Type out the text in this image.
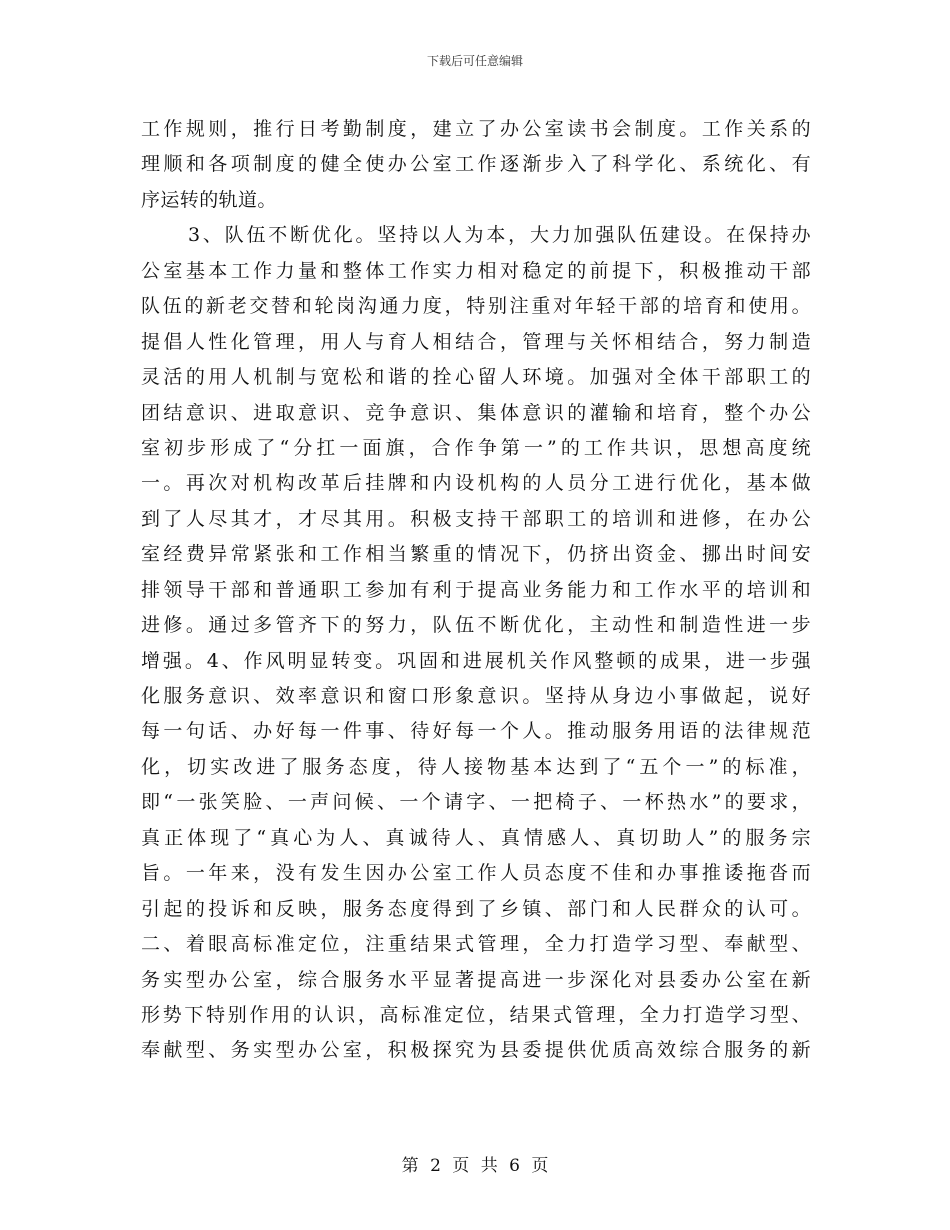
下载后可任意编辑
工作规则，推行日考勤制度，建立了办公室读书会制度。工作关系的
理顺和各项制度的健全使办公室工作逐渐步入了科学化、系统化、有
序运转的轨道。
3、队伍不断优化。坚持以人为本，大力加强队伍建设。在保持办
公室基本工作力量和整体工作实力相对稳定的前提下，积极推动干部
队伍的新老交替和轮岗沟通力度，特别注重对年轻干部的培育和使用。
提倡人性化管理，用人与育人相结合，管理与关怀相结合，努力制造
灵活的用人机制与宽松和谐的拴心留人环境。加强对全体干部职工的
团结意识、进取意识、竞争意识、集体意识的灌输和培育，整个办公
室初步形成了“分扛一面旗，合作争第一”的工作共识，思想高度统
一。再次对机构改革后挂牌和内设机构的人员分工进行优化，基本做
到了人尽其才，才尽其用。积极支持干部职工的培训和进修，在办公
室经费异常紧张和工作相当繁重的情况下，仍挤出资金、挪出时间安
排领导干部和普通职工参加有利于提高业务能力和工作水平的培训和
进修。通过多管齐下的努力，队伍不断优化，主动性和制造性进一步
增强。4、作风明显转变。巩固和进展机关作风整顿的成果，进一步强
化服务意识、效率意识和窗口形象意识。坚持从身边小事做起，说好
每一句话、办好每一件事、待好每一个人。推动服务用语的法律规范
化，切实改进了服务态度，待人接物基本达到了“五个一”的标准，
即“一张笑脸、一声问候、一个请字、一把椅子、一杯热水”的要求，
真正体现了“真心为人、真诚待人、真情感人、真切助人”的服务宗
旨。一年来，没有发生因办公室工作人员态度不佳和办事推诿拖沓而
引起的投诉和反映，服务态度得到了乡镇、部门和人民群众的认可。
二、着眼高标准定位，注重结果式管理，全力打造学习型、奉献型、
务实型办公室，综合服务水平显著提高进一步深化对县委办公室在新
形势下特别作用的认识，高标准定位，结果式管理，全力打造学习型、
奉献型、务实型办公室，积极探究为县委提供优质高效综合服务的新
第 2 页 共 6 页
